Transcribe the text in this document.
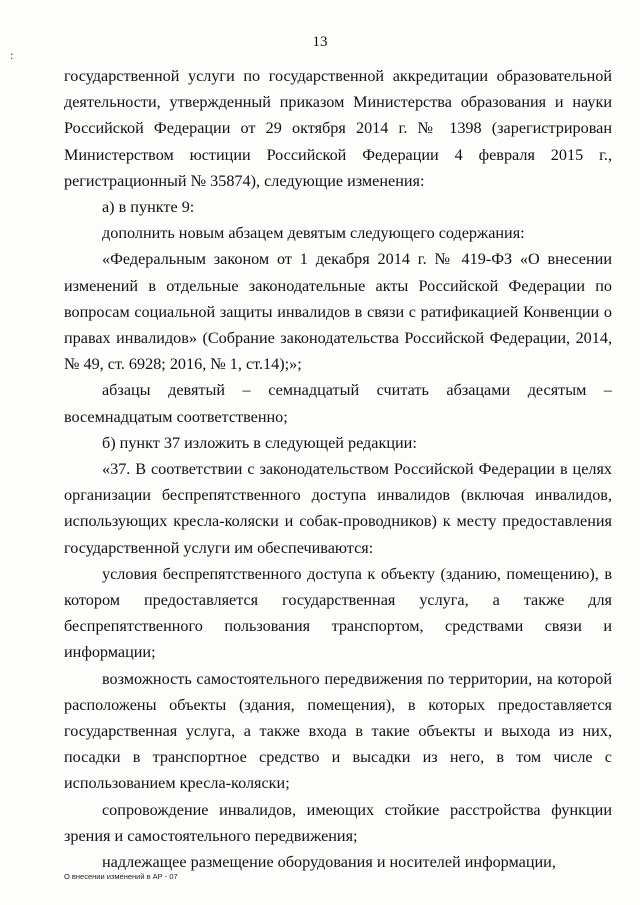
13
:

государственной услуги по государственной аккредитации образовательной деятельности, утвержденный приказом Министерства образования и науки Российской Федерации от 29 октября 2014 г. № 1398 (зарегистрирован Министерством юстиции Российской Федерации 4 февраля 2015 г., регистрационный № 35874), следующие изменения:

а) в пункте 9:

дополнить новым абзацем девятым следующего содержания:

«Федеральным законом от 1 декабря 2014 г. № 419-ФЗ «О внесении изменений в отдельные законодательные акты Российской Федерации по вопросам социальной защиты инвалидов в связи с ратификацией Конвенции о правах инвалидов» (Собрание законодательства Российской Федерации, 2014, № 49, ст. 6928; 2016, № 1, ст.14);»;

абзацы девятый – семнадцатый считать абзацами десятым – восемнадцатым соответственно;

б) пункт 37 изложить в следующей редакции:

«37. В соответствии с законодательством Российской Федерации в целях организации беспрепятственного доступа инвалидов (включая инвалидов, использующих кресла-коляски и собак-проводников) к месту предоставления государственной услуги им обеспечиваются:

условия беспрепятственного доступа к объекту (зданию, помещению), в котором предоставляется государственная услуга, а также для беспрепятственного пользования транспортом, средствами связи и информации;

возможность самостоятельного передвижения по территории, на которой расположены объекты (здания, помещения), в которых предоставляется государственная услуга, а также входа в такие объекты и выхода из них, посадки в транспортное средство и высадки из него, в том числе с использованием кресла-коляски;

сопровождение инвалидов, имеющих стойкие расстройства функции зрения и самостоятельного передвижения;

надлежащее размещение оборудования и носителей информации,

О внесении изменений в АР - 07
